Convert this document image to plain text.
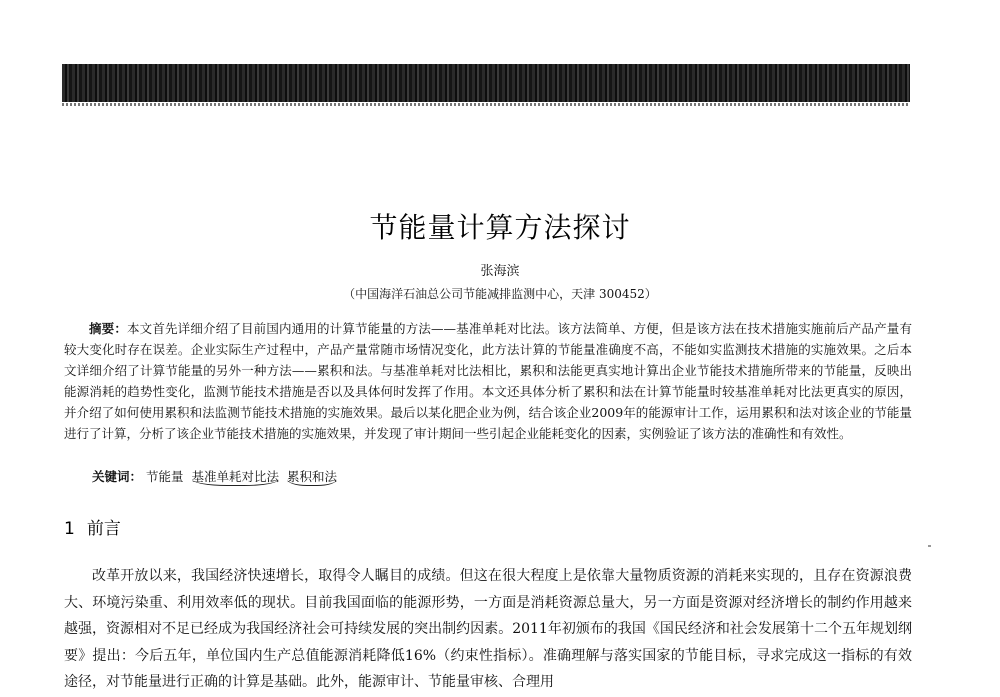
节能量计算方法探讨
张海滨
（中国海洋石油总公司节能减排监测中心，天津 300452）
摘要：本文首先详细介绍了目前国内通用的计算节能量的方法——基准单耗对比法。该方法简单、方便，但是该方法在技术措施实施前后产品产量有较大变化时存在误差。企业实际生产过程中，产品产量常随市场情况变化，此方法计算的节能量准确度不高，不能如实监测技术措施的实施效果。之后本文详细介绍了计算节能量的另外一种方法——累积和法。与基准单耗对比法相比，累积和法能更真实地计算出企业节能技术措施所带来的节能量，反映出能源消耗的趋势性变化，监测节能技术措施是否以及具体何时发挥了作用。本文还具体分析了累积和法在计算节能量时较基准单耗对比法更真实的原因，并介绍了如何使用累积和法监测节能技术措施的实施效果。最后以某化肥企业为例，结合该企业2009年的能源审计工作，运用累积和法对该企业的节能量进行了计算，分析了该企业节能技术措施的实施效果，并发现了审计期间一些引起企业能耗变化的因素，实例验证了该方法的准确性和有效性。
关键词： 节能量 基准单耗对比法 累积和法
1 前言
改革开放以来，我国经济快速增长，取得令人瞩目的成绩。但这在很大程度上是依靠大量物质资源的消耗来实现的，且存在资源浪费大、环境污染重、利用效率低的现状。目前我国面临的能源形势，一方面是消耗资源总量大，另一方面是资源对经济增长的制约作用越来越强，资源相对不足已经成为我国经济社会可持续发展的突出制约因素。2011年初颁布的我国《国民经济和社会发展第十二个五年规划纲要》提出：今后五年，单位国内生产总值能源消耗降低16%（约束性指标）。准确理解与落实国家的节能目标，寻求完成这一指标的有效途径，对节能量进行正确的计算是基础。此外，能源审计、节能量审核、合理用
